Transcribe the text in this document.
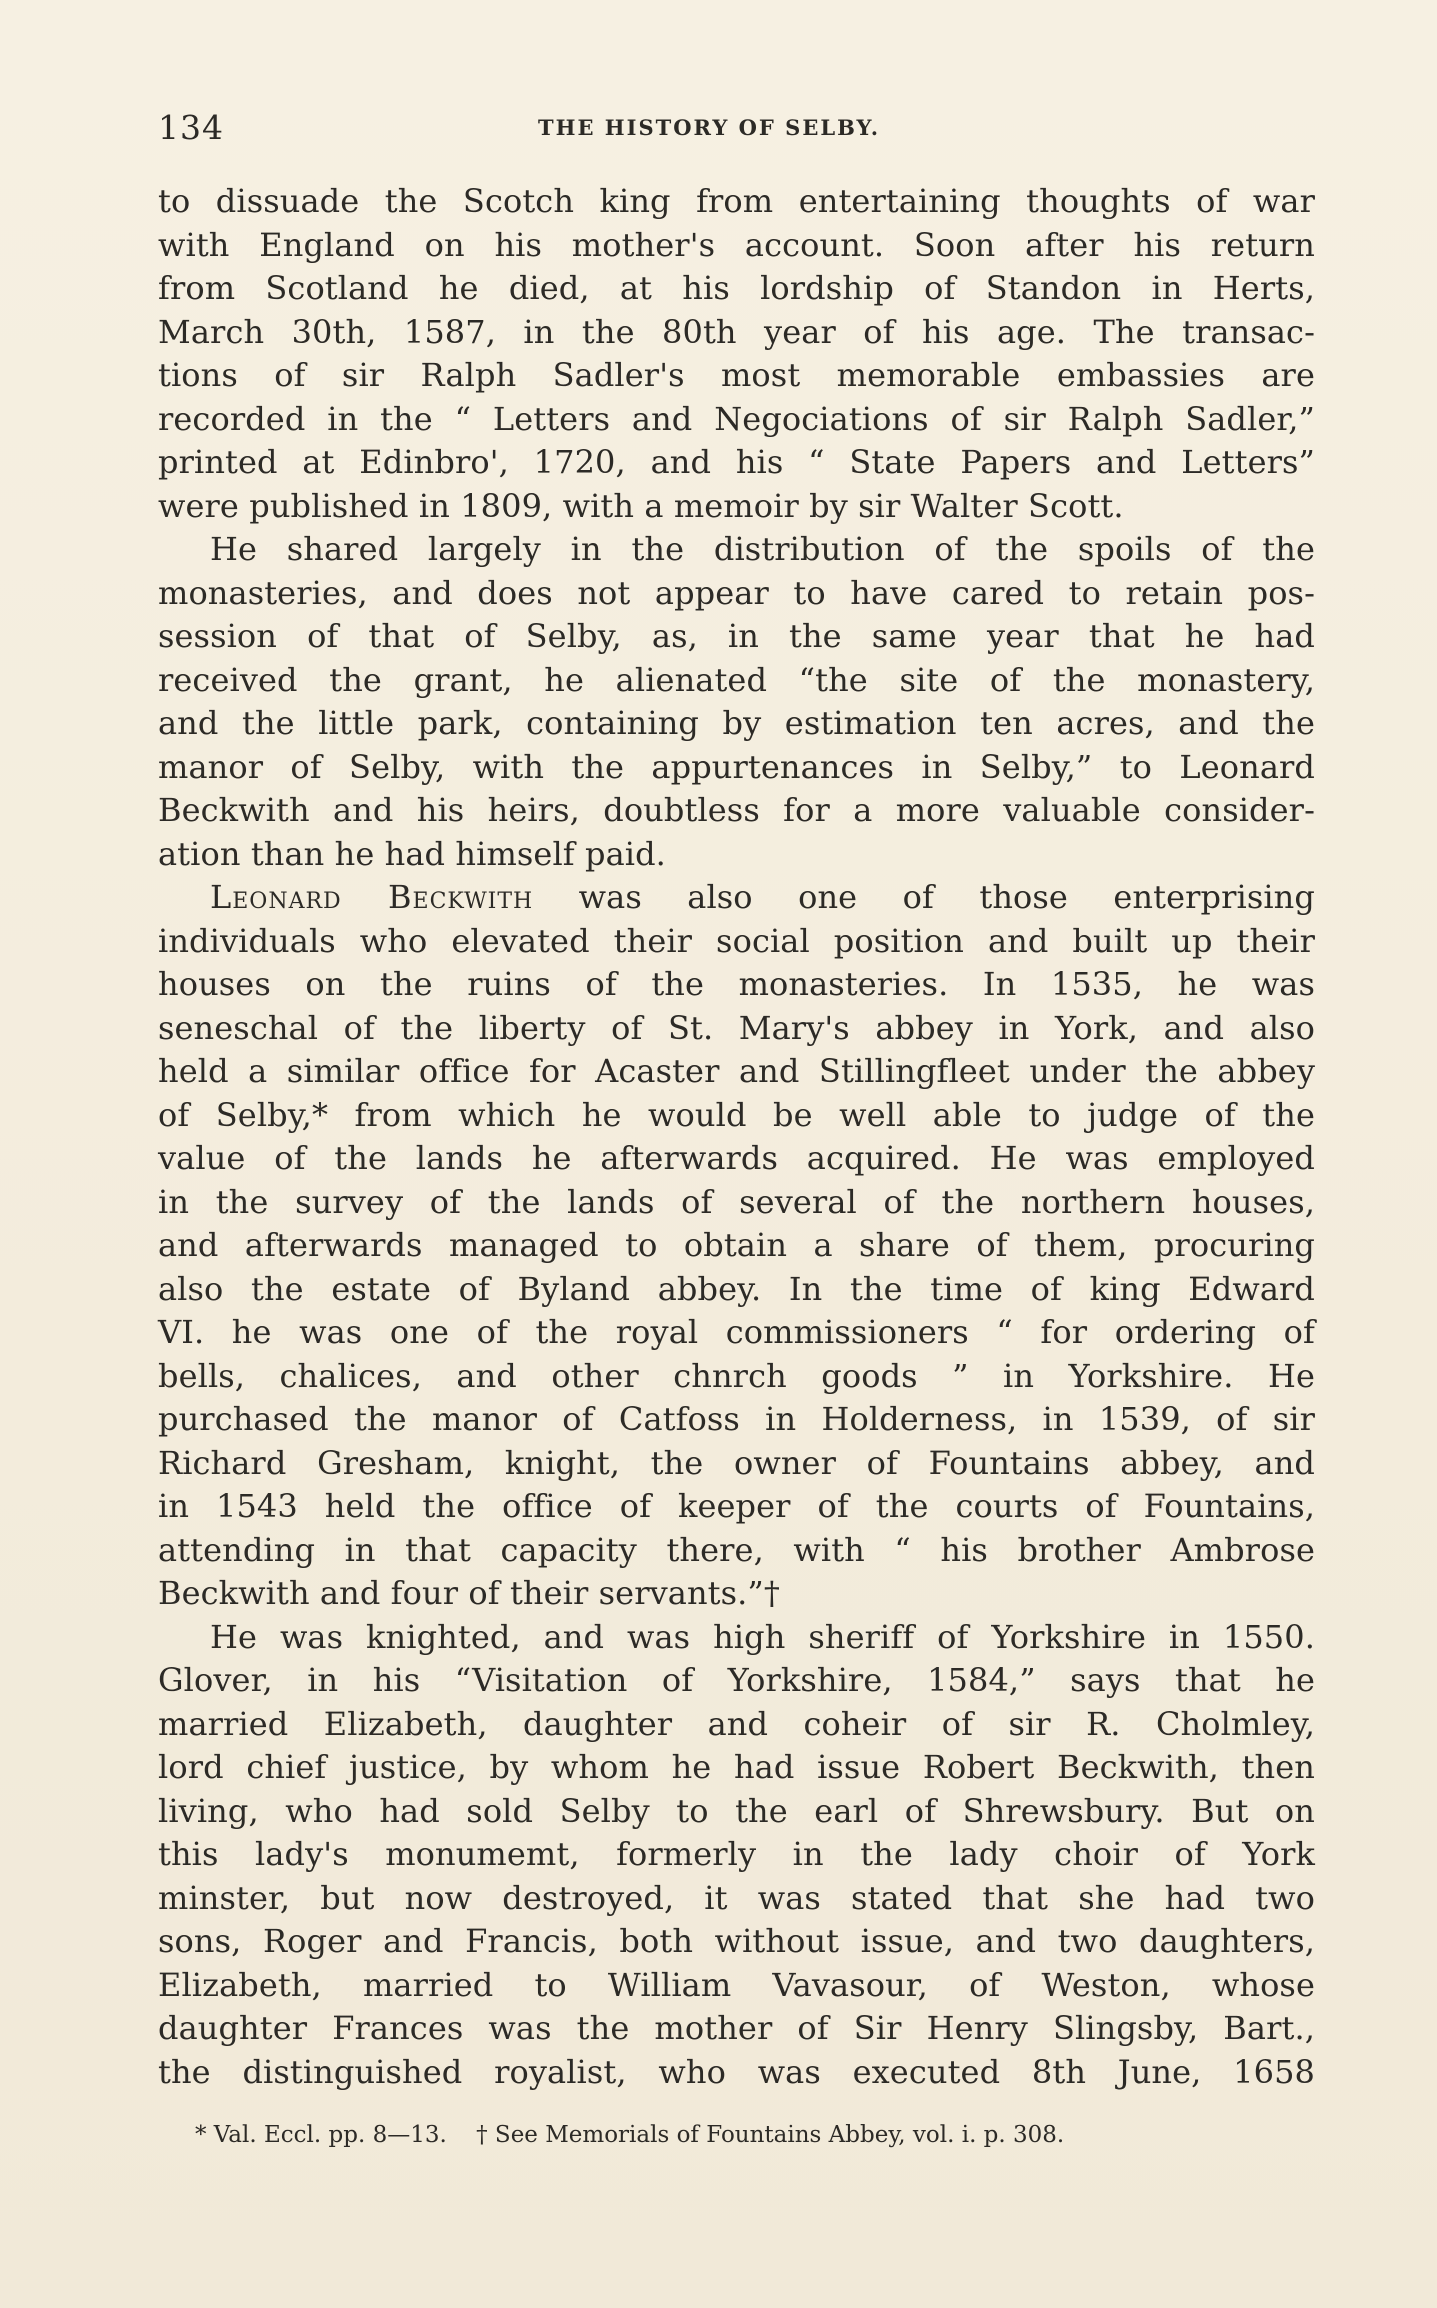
134	THE HISTORY OF SELBY.
to dissuade the Scotch king from entertaining thoughts of war
with England on his mother's account. Soon after his return
from Scotland he died, at his lordship of Standon in Herts,
March 30th, 1587, in the 80th year of his age. The transac-
tions of sir Ralph Sadler's most memorable embassies are
recorded in the “ Letters and Negociations of sir Ralph Sadler,”
printed at Edinbro', 1720, and his “ State Papers and Letters”
were published in 1809, with a memoir by sir Walter Scott.
He shared largely in the distribution of the spoils of the
monasteries, and does not appear to have cared to retain pos-
session of that of Selby, as, in the same year that he had
received the grant, he alienated “the site of the monastery,
and the little park, containing by estimation ten acres, and the
manor of Selby, with the appurtenances in Selby,” to Leonard
Beckwith and his heirs, doubtless for a more valuable consider-
ation than he had himself paid.
Leonard Beckwith was also one of those enterprising
individuals who elevated their social position and built up their
houses on the ruins of the monasteries. In 1535, he was
seneschal of the liberty of St. Mary's abbey in York, and also
held a similar office for Acaster and Stillingfleet under the abbey
of Selby,* from which he would be well able to judge of the
value of the lands he afterwards acquired. He was employed
in the survey of the lands of several of the northern houses,
and afterwards managed to obtain a share of them, procuring
also the estate of Byland abbey. In the time of king Edward
VI. he was one of the royal commissioners “ for ordering of
bells, chalices, and other chnrch goods ” in Yorkshire. He
purchased the manor of Catfoss in Holderness, in 1539, of sir
Richard Gresham, knight, the owner of Fountains abbey, and
in 1543 held the office of keeper of the courts of Fountains,
attending in that capacity there, with “ his brother Ambrose
Beckwith and four of their servants.”†
He was knighted, and was high sheriff of Yorkshire in 1550.
Glover, in his “Visitation of Yorkshire, 1584,” says that he
married Elizabeth, daughter and coheir of sir R. Cholmley,
lord chief justice, by whom he had issue Robert Beckwith, then
living, who had sold Selby to the earl of Shrewsbury. But on
this lady's monumemt, formerly in the lady choir of York
minster, but now destroyed, it was stated that she had two
sons, Roger and Francis, both without issue, and two daughters,
Elizabeth, married to William Vavasour, of Weston, whose
daughter Frances was the mother of Sir Henry Slingsby, Bart.,
the distinguished royalist, who was executed 8th June, 1658
* Val. Eccl. pp. 8—13. † See Memorials of Fountains Abbey, vol. i. p. 308.
